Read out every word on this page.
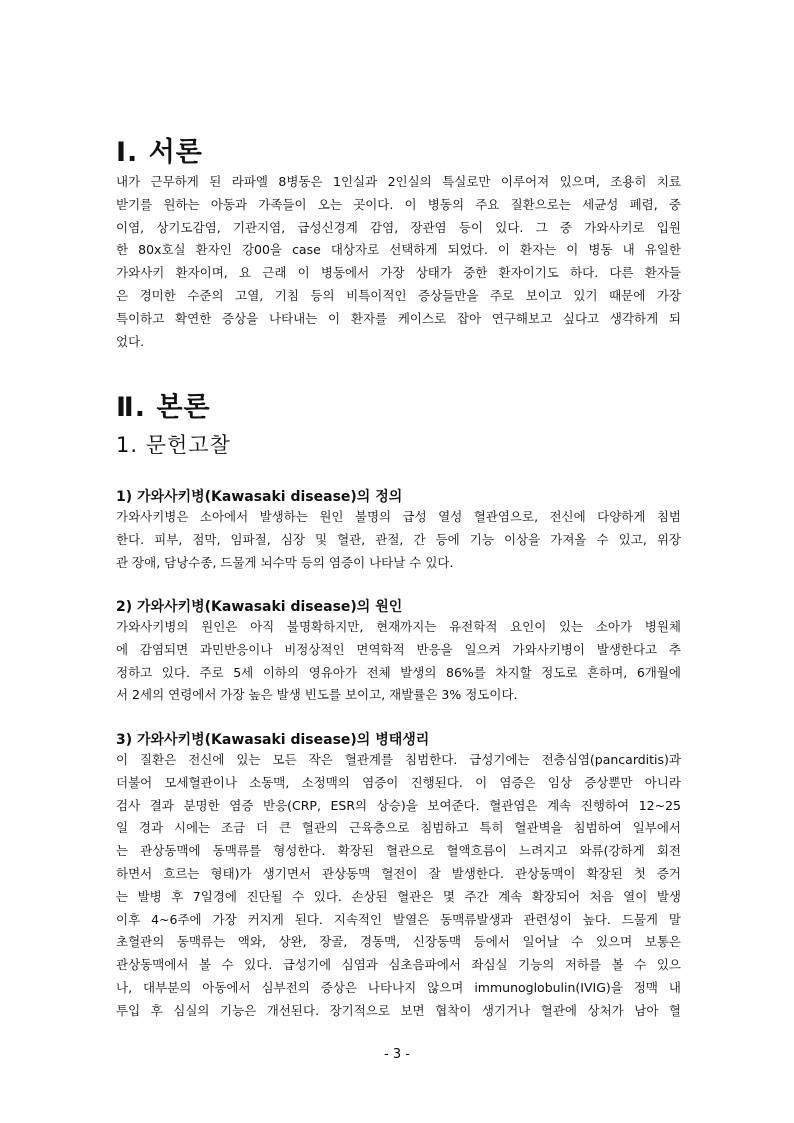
Ⅰ. 서론
내가 근무하게 된 라파엘 8병동은 1인실과 2인실의 특실로만 이루어져 있으며, 조용히 치료
받기를 원하는 아동과 가족들이 오는 곳이다. 이 병동의 주요 질환으로는 세균성 폐렴, 중
이염, 상기도감염, 기관지염, 급성신경계 감염, 장관염 등이 있다. 그 중 가와사키로 입원
한 80x호실 환자인 강00을 case 대상자로 선택하게 되었다. 이 환자는 이 병동 내 유일한
가와사키 환자이며, 요 근래 이 병동에서 가장 상태가 중한 환자이기도 하다. 다른 환자들
은 경미한 수준의 고열, 기침 등의 비특이적인 증상들만을 주로 보이고 있기 때문에 가장
특이하고 확연한 증상을 나타내는 이 환자를 케이스로 잡아 연구해보고 싶다고 생각하게 되
었다.
Ⅱ. 본론
1. 문헌고찰
1) 가와사키병(Kawasaki disease)의 정의
가와사키병은 소아에서 발생하는 원인 불명의 급성 열성 혈관염으로, 전신에 다양하게 침범
한다. 피부, 점막, 임파절, 심장 및 혈관, 관절, 간 등에 기능 이상을 가져올 수 있고, 위장
관 장애, 담낭수종, 드물게 뇌수막 등의 염증이 나타날 수 있다.
2) 가와사키병(Kawasaki disease)의 원인
가와사키병의 원인은 아직 불명확하지만, 현재까지는 유전학적 요인이 있는 소아가 병원체
에 감염되면 과민반응이나 비정상적인 면역학적 반응을 일으켜 가와사키병이 발생한다고 추
정하고 있다. 주로 5세 이하의 영유아가 전체 발생의 86%를 차지할 정도로 흔하며, 6개월에
서 2세의 연령에서 가장 높은 발생 빈도를 보이고, 재발률은 3% 정도이다.
3) 가와사키병(Kawasaki disease)의 병태생리
이 질환은 전신에 있는 모든 작은 혈관계를 침범한다. 급성기에는 전층심염(pancarditis)과
더불어 모세혈관이나 소동맥, 소정맥의 염증이 진행된다. 이 염증은 임상 증상뿐만 아니라
검사 결과 분명한 염증 반응(CRP, ESR의 상승)을 보여준다. 혈관염은 계속 진행하여 12~25
일 경과 시에는 조금 더 큰 혈관의 근육층으로 침범하고 특히 혈관벽을 침범하여 일부에서
는 관상동맥에 동맥류를 형성한다. 확장된 혈관으로 혈액흐름이 느려지고 와류(강하게 회전
하면서 흐르는 형태)가 생기면서 관상동맥 혈전이 잘 발생한다. 관상동맥이 확장된 첫 증거
는 발병 후 7일경에 진단될 수 있다. 손상된 혈관은 몇 주간 계속 확장되어 처음 열이 발생
이후 4~6주에 가장 커지게 된다. 지속적인 발열은 동맥류발생과 관련성이 높다. 드물게 말
초혈관의 동맥류는 액와, 상완, 장골, 경동맥, 신장동맥 등에서 일어날 수 있으며 보통은
관상동맥에서 볼 수 있다. 급성기에 심염과 심초음파에서 좌심실 기능의 저하를 볼 수 있으
나, 대부분의 아동에서 심부전의 증상은 나타나지 않으며 immunoglobulin(IVIG)을 정맥 내
투입 후 심실의 기능은 개선된다. 장기적으로 보면 협착이 생기거나 혈관에 상처가 남아 혈
- 3 -
